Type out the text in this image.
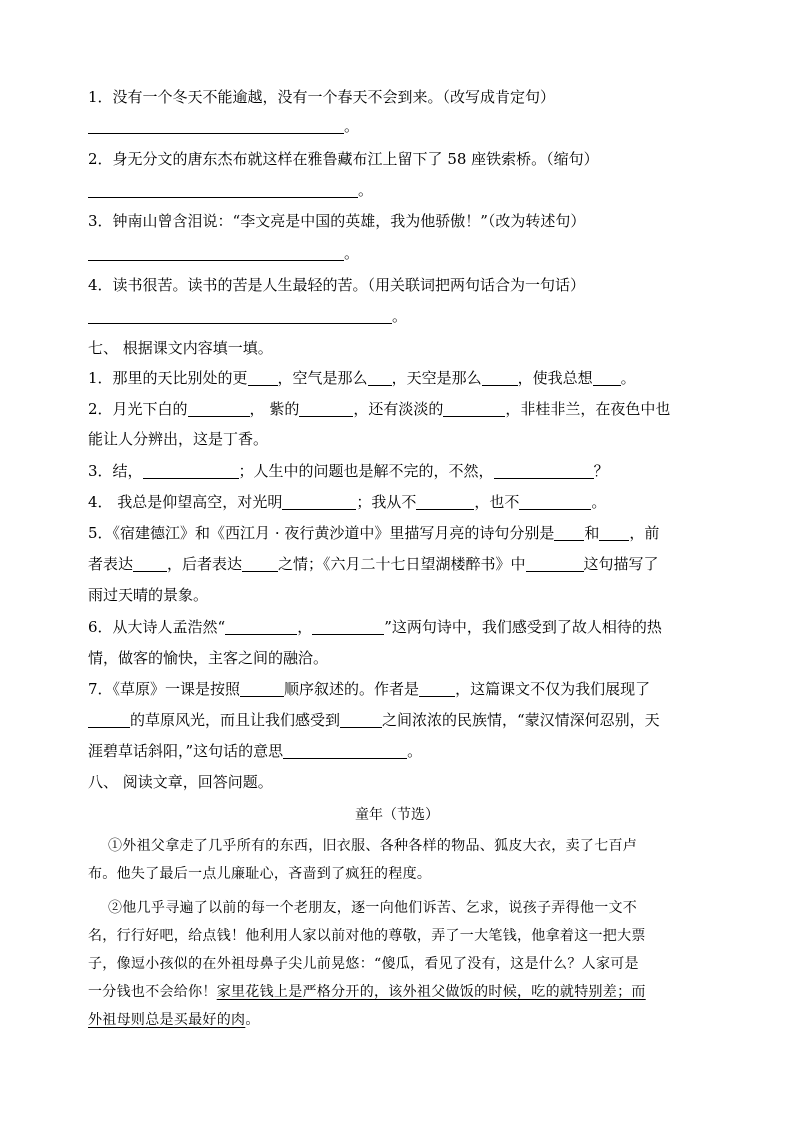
1．没有一个冬天不能逾越，没有一个春天不会到来。（改写成肯定句）
。
2．身无分文的唐东杰布就这样在雅鲁藏布江上留下了 58 座铁索桥。（缩句）
。
3．钟南山曾含泪说：“李文亮是中国的英雄，我为他骄傲！”（改为转述句）
。
4．读书很苦。读书的苦是人生最轻的苦。（用关联词把两句话合为一句话）
。
七、 根据课文内容填一填。
1．那里的天比别处的更 ，空气是那么 ，天空是那么 ，使我总想 。
2．月光下白的	， 紫的	，还有淡淡的	，非桂非兰，在夜色中也
能让人分辨出，这是丁香。
3．结，	；人生中的问题也是解不完的，不然，	？
4． 我总是仰望高空，对光明	；我从不	，也不	。
5．《宿建德江》和《西江月 · 夜行黄沙道中》里描写月亮的诗句分别是 和 ，前
者表达 ，后者表达 之情；《六月二十七日望湖楼醉书》中	这句描写了
雨过天晴的景象。
6．从大诗人孟浩然“	，	”这两句诗中，我们感受到了故人相待的热
情，做客的愉快，主客之间的融洽。
7．《草原》一课是按照	顺序叙述的。作者是 ，这篇课文不仅为我们展现了
的草原风光，而且让我们感受到	之间浓浓的民族情，“蒙汉情深何忍别，天
涯碧草话斜阳，”这句话的意思	。
八、 阅读文章，回答问题。
童年（节选）
①外祖父拿走了几乎所有的东西，旧衣服、各种各样的物品、狐皮大衣，卖了七百卢
布。他失了最后一点儿廉耻心，吝啬到了疯狂的程度。
②他几乎寻遍了以前的每一个老朋友，逐一向他们诉苦、乞求，说孩子弄得他一文不
名，行行好吧，给点钱！他利用人家以前对他的尊敬，弄了一大笔钱，他拿着这一把大票
子，像逗小孩似的在外祖母鼻子尖儿前晃悠：“傻瓜，看见了没有，这是什么？人家可是
一分钱也不会给你！家里花钱上是严格分开的，该外祖父做饭的时候，吃的就特别差；而
外祖母则总是买最好的肉。
